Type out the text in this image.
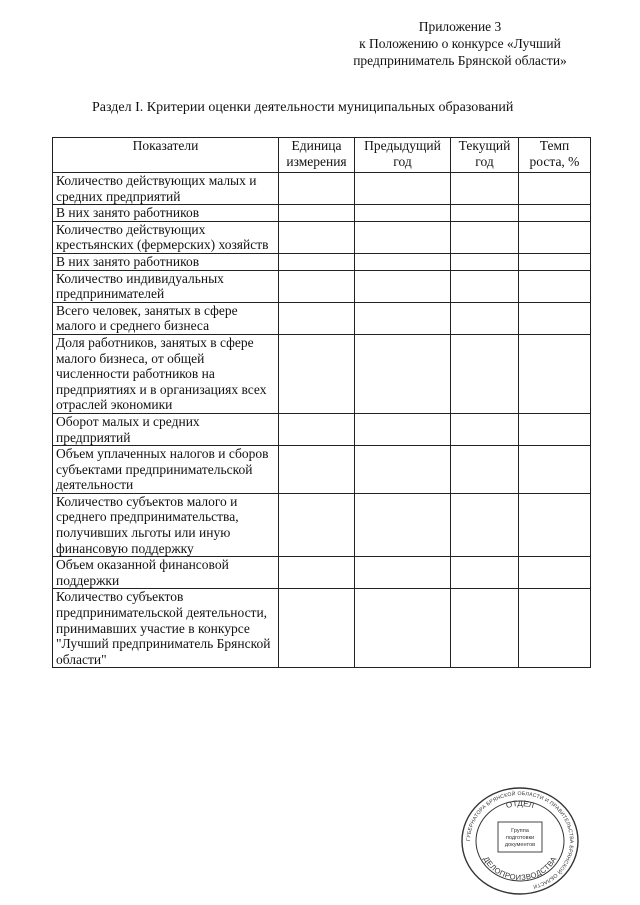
Приложение 3
к Положению о конкурсе «Лучший
предприниматель Брянской области»
Раздел I. Критерии оценки деятельности муниципальных образований
Показатели	Единица измерения	Предыдущий год	Текущий год	Темп роста, %
Количество действующих малых и средних предприятий				
В них занято работников				
Количество действующих крестьянских (фермерских) хозяйств				
В них занято работников				
Количество индивидуальных предпринимателей				
Всего человек, занятых в сфере малого и среднего бизнеса				
Доля работников, занятых в сфере малого бизнеса, от общей численности работников на предприятиях и в организациях всех отраслей экономики				
Оборот малых и средних предприятий				
Объем уплаченных налогов и сборов субъектами предпринимательской деятельности				
Количество субъектов малого и среднего предпринимательства, получивших льготы или иную финансовую поддержку				
Объем оказанной финансовой поддержки				
Количество субъектов предпринимательской деятельности, принимавших участие в конкурсе "Лучший предприниматель Брянской области"				
ГУБЕРНАТОРА БРЯНСКОЙ ОБЛАСТИ И ПРАВИТЕЛЬСТВА БРЯНСКОЙ ОБЛАСТИ
ОТДЕЛ
ДЕЛОПРОИЗВОДСТВА
Группа
подготовки
документов
